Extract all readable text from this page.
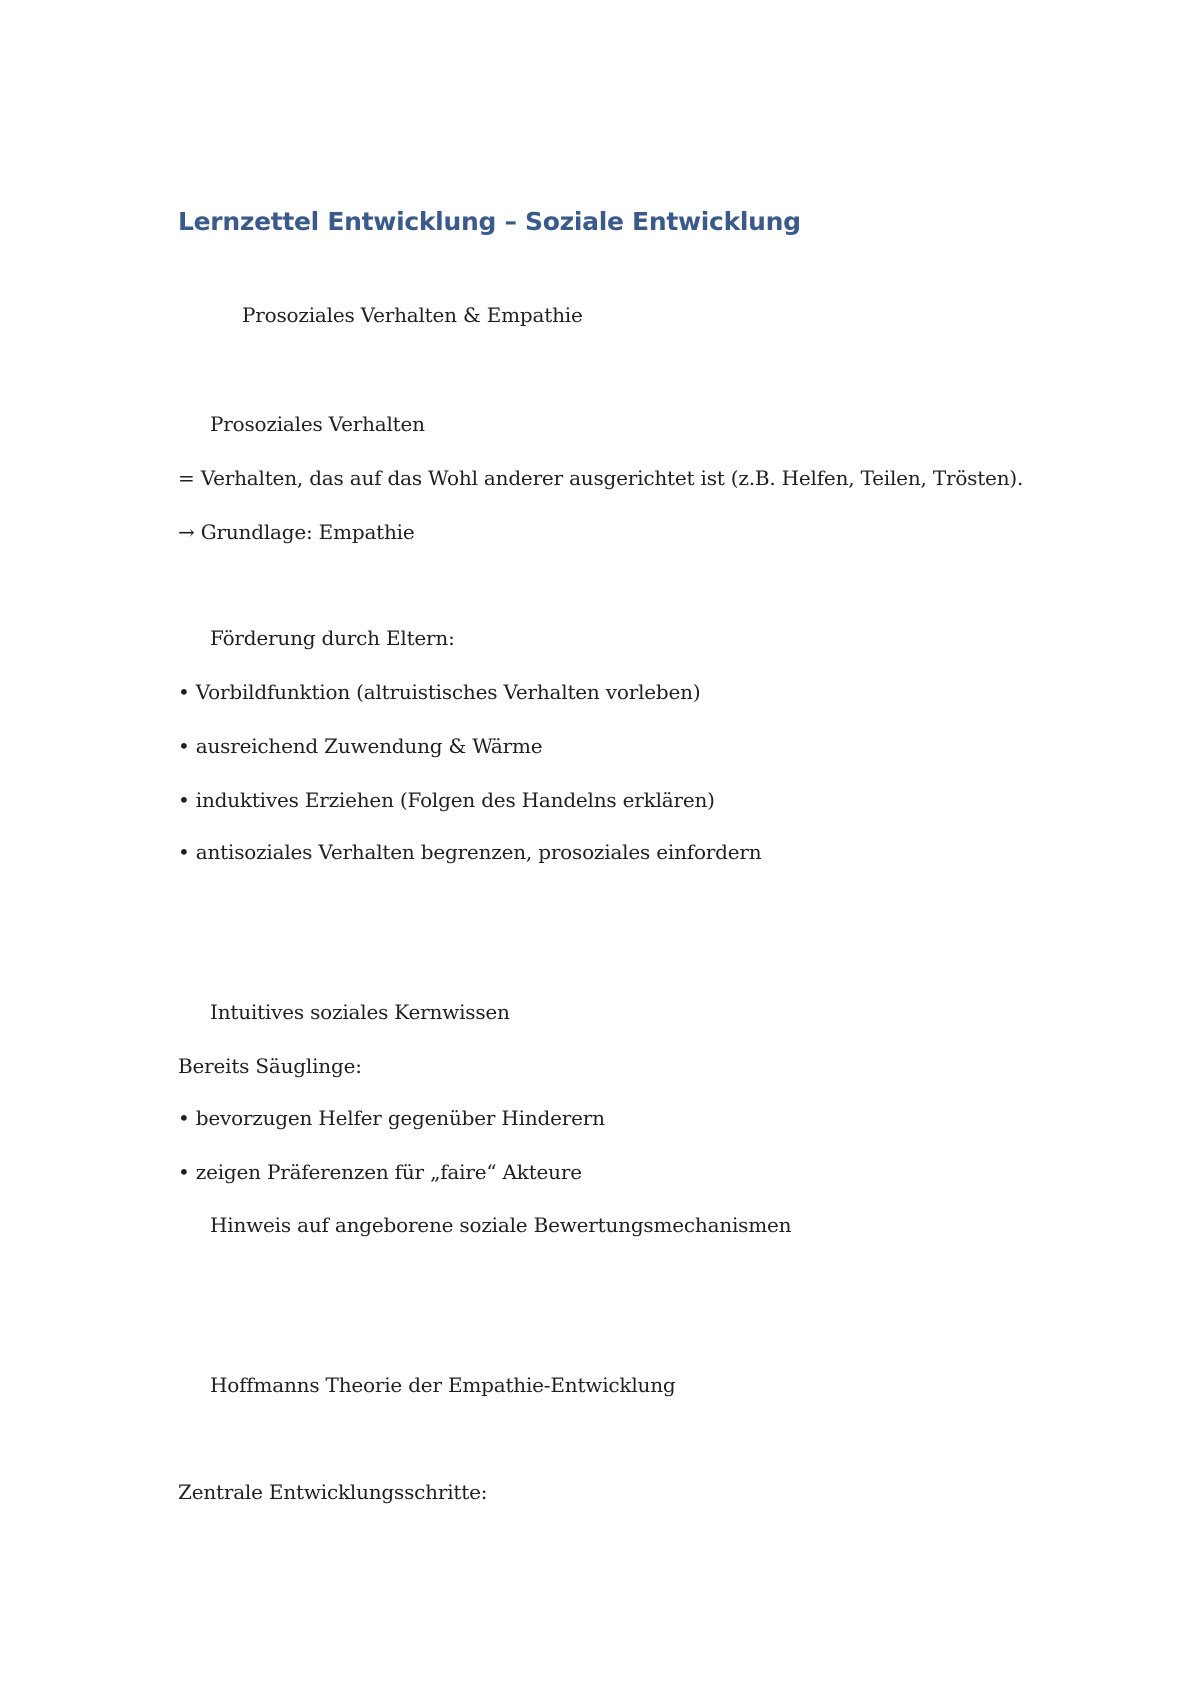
Lernzettel Entwicklung – Soziale Entwicklung
Prosoziales Verhalten & Empathie
Prosoziales Verhalten
= Verhalten, das auf das Wohl anderer ausgerichtet ist (z.B. Helfen, Teilen, Trösten).
→ Grundlage: Empathie
Förderung durch Eltern:
• Vorbildfunktion (altruistisches Verhalten vorleben)
• ausreichend Zuwendung & Wärme
• induktives Erziehen (Folgen des Handelns erklären)
• antisoziales Verhalten begrenzen, prosoziales einfordern
Intuitives soziales Kernwissen
Bereits Säuglinge:
• bevorzugen Helfer gegenüber Hinderern
• zeigen Präferenzen für „faire“ Akteure
Hinweis auf angeborene soziale Bewertungsmechanismen
Hoffmanns Theorie der Empathie-Entwicklung
Zentrale Entwicklungsschritte:
